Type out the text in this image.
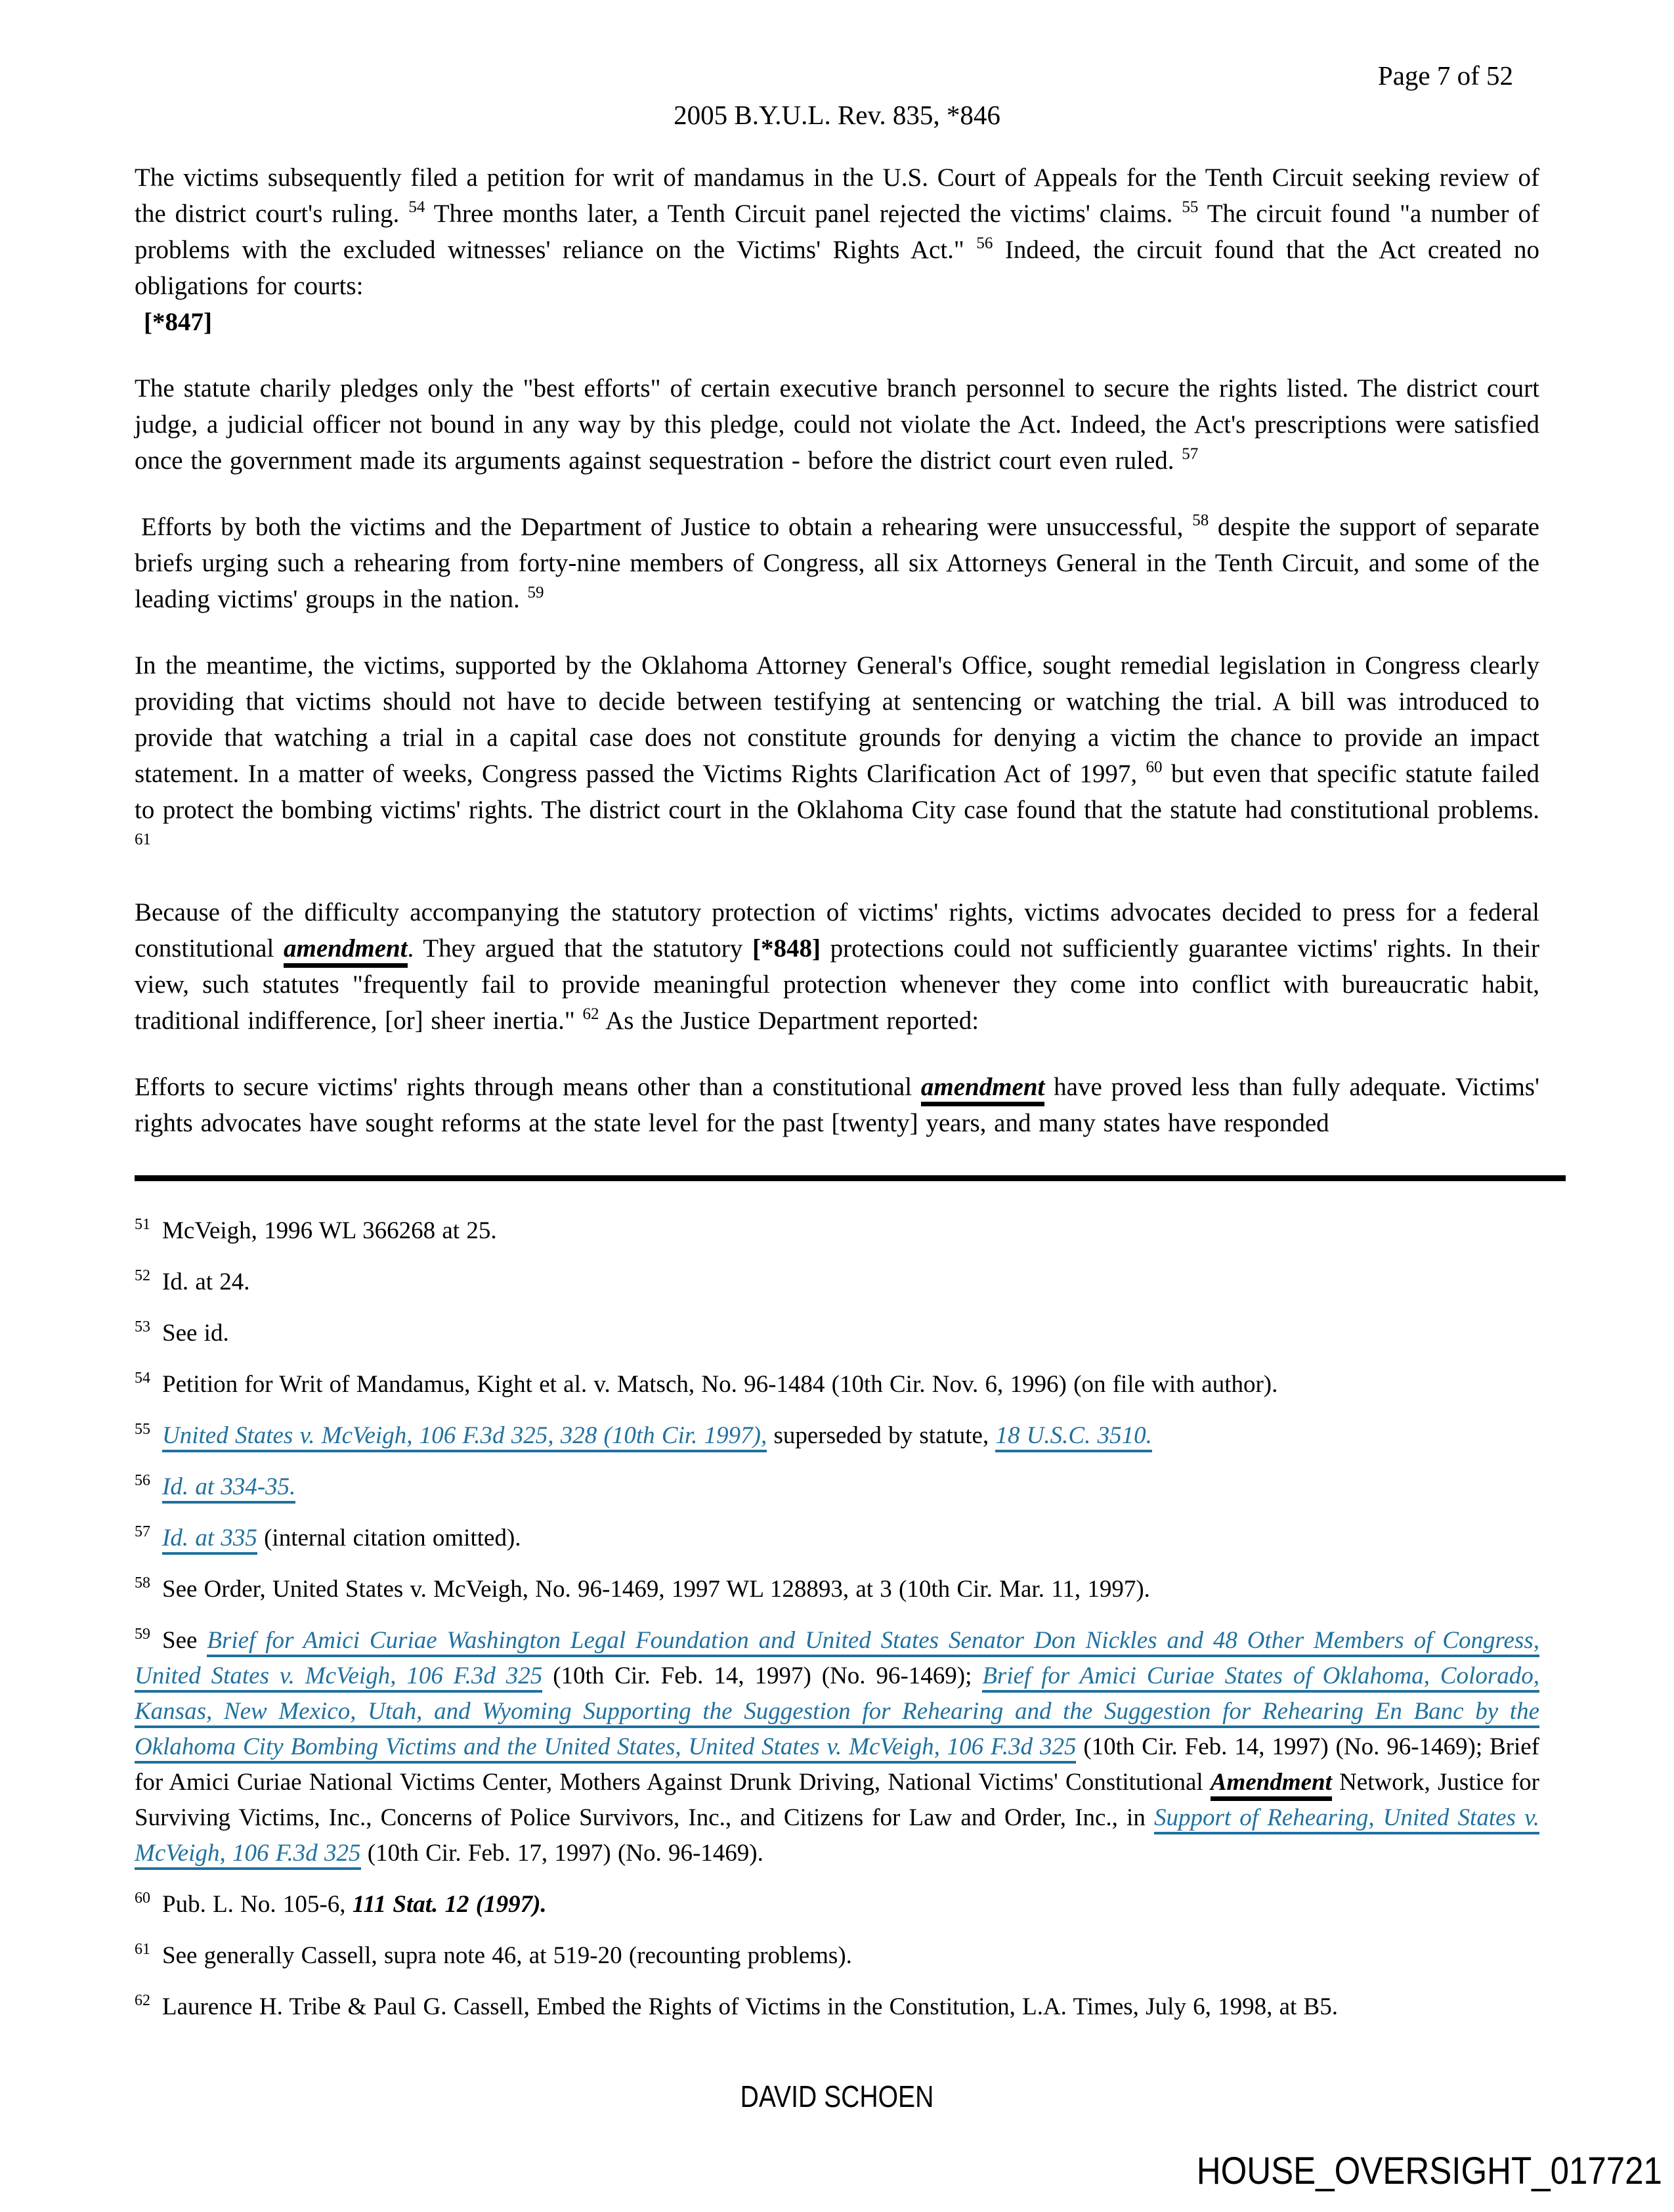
Page 7 of 52
2005 B.Y.U.L. Rev. 835, *846
The victims subsequently filed a petition for writ of mandamus in the U.S. Court of Appeals for the Tenth Circuit seeking review of the district court's ruling. $^{54}$ Three months later, a Tenth Circuit panel rejected the victims' claims. $^{55}$ The circuit found "a number of problems with the excluded witnesses' reliance on the Victims' Rights Act." $^{56}$ Indeed, the circuit found that the Act created no obligations for courts:
[*847]
The statute charily pledges only the "best efforts" of certain executive branch personnel to secure the rights listed. The district court judge, a judicial officer not bound in any way by this pledge, could not violate the Act. Indeed, the Act's prescriptions were satisfied once the government made its arguments against sequestration - before the district court even ruled. $^{57}$
Efforts by both the victims and the Department of Justice to obtain a rehearing were unsuccessful, $^{58}$ despite the support of separate briefs urging such a rehearing from forty-nine members of Congress, all six Attorneys General in the Tenth Circuit, and some of the leading victims' groups in the nation. $^{59}$
In the meantime, the victims, supported by the Oklahoma Attorney General's Office, sought remedial legislation in Congress clearly providing that victims should not have to decide between testifying at sentencing or watching the trial. A bill was introduced to provide that watching a trial in a capital case does not constitute grounds for denying a victim the chance to provide an impact statement. In a matter of weeks, Congress passed the Victims Rights Clarification Act of 1997, $^{60}$ but even that specific statute failed to protect the bombing victims' rights. The district court in the Oklahoma City case found that the statute had constitutional problems. $^{61}$
Because of the difficulty accompanying the statutory protection of victims' rights, victims advocates decided to press for a federal constitutional amendment. They argued that the statutory [*848] protections could not sufficiently guarantee victims' rights. In their view, such statutes "frequently fail to provide meaningful protection whenever they come into conflict with bureaucratic habit, traditional indifference, [or] sheer inertia." $^{62}$ As the Justice Department reported:
Efforts to secure victims' rights through means other than a constitutional amendment have proved less than fully adequate. Victims' rights advocates have sought reforms at the state level for the past [twenty] years, and many states have responded
$^{51}$ McVeigh, 1996 WL 366268 at 25.
$^{52}$ Id. at 24.
$^{53}$ See id.
$^{54}$ Petition for Writ of Mandamus, Kight et al. v. Matsch, No. 96-1484 (10th Cir. Nov. 6, 1996) (on file with author).
$^{55}$ United States v. McVeigh, 106 F.3d 325, 328 (10th Cir. 1997), superseded by statute, 18 U.S.C. 3510.
$^{56}$ Id. at 334-35.
$^{57}$ Id. at 335 (internal citation omitted).
$^{58}$ See Order, United States v. McVeigh, No. 96-1469, 1997 WL 128893, at 3 (10th Cir. Mar. 11, 1997).
$^{59}$ See Brief for Amici Curiae Washington Legal Foundation and United States Senator Don Nickles and 48 Other Members of Congress, United States v. McVeigh, 106 F.3d 325 (10th Cir. Feb. 14, 1997) (No. 96-1469); Brief for Amici Curiae States of Oklahoma, Colorado, Kansas, New Mexico, Utah, and Wyoming Supporting the Suggestion for Rehearing and the Suggestion for Rehearing En Banc by the Oklahoma City Bombing Victims and the United States, United States v. McVeigh, 106 F.3d 325 (10th Cir. Feb. 14, 1997) (No. 96-1469); Brief for Amici Curiae National Victims Center, Mothers Against Drunk Driving, National Victims' Constitutional Amendment Network, Justice for Surviving Victims, Inc., Concerns of Police Survivors, Inc., and Citizens for Law and Order, Inc., in Support of Rehearing, United States v. McVeigh, 106 F.3d 325 (10th Cir. Feb. 17, 1997) (No. 96-1469).
$^{60}$ Pub. L. No. 105-6, 111 Stat. 12 (1997).
$^{61}$ See generally Cassell, supra note 46, at 519-20 (recounting problems).
$^{62}$ Laurence H. Tribe & Paul G. Cassell, Embed the Rights of Victims in the Constitution, L.A. Times, July 6, 1998, at B5.
DAVID SCHOEN
HOUSE_OVERSIGHT_017721
